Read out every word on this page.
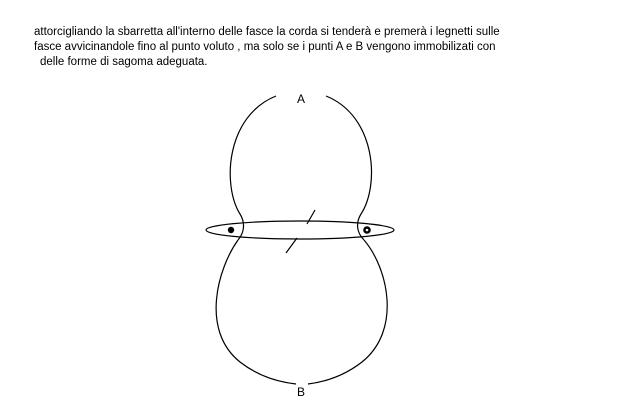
attorcigliando la sbarretta all'interno delle fasce la corda si tenderà e premerà i legnetti sulle
fasce avvicinandole fino al punto voluto , ma solo se i punti A e B vengono immobilizati con
delle forme di sagoma adeguata.
A
B
